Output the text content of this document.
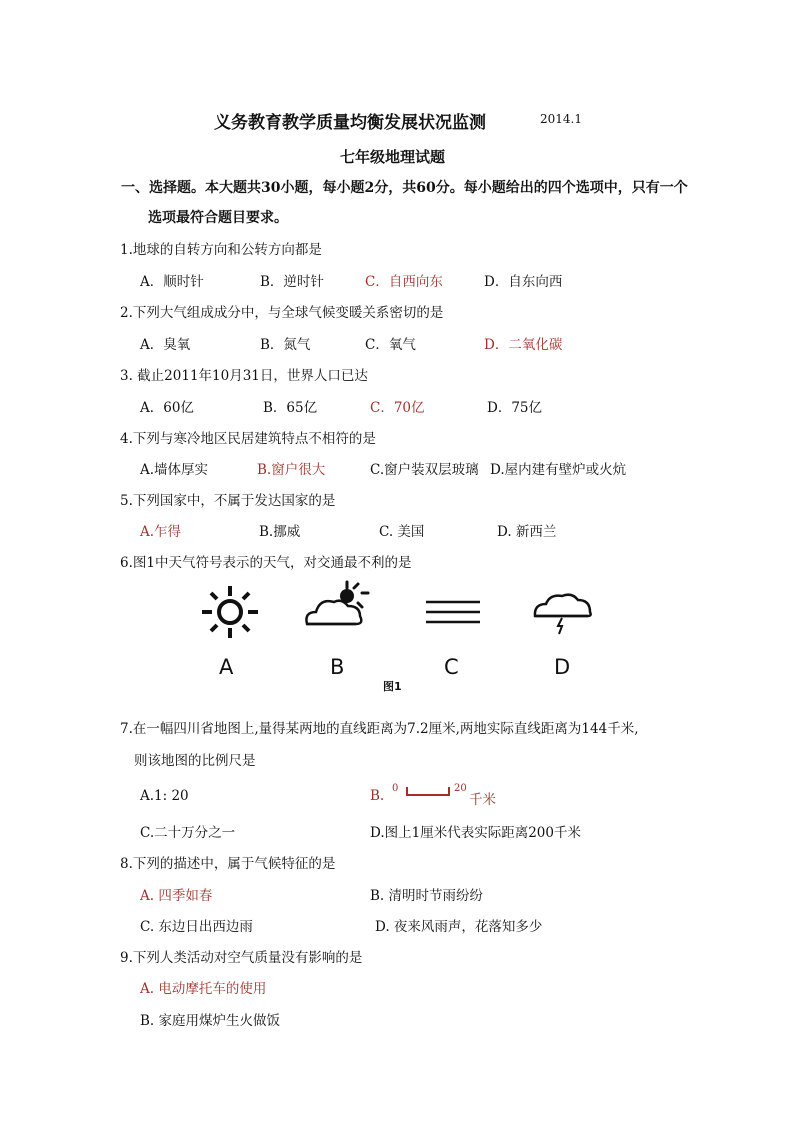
义务教育教学质量均衡发展状况监测	2014.1
七年级地理试题
一、选择题。本大题共30小题，每小题2分，共60分。每小题给出的四个选项中，只有一个
选项最符合题目要求。
1.地球的自转方向和公转方向都是
A．顺时针	B．逆时针	C．自西向东	D．自东向西
2.下列大气组成成分中，与全球气候变暖关系密切的是
A．臭氧	B．氮气	C．氧气	D．二氧化碳
3. 截止2011年10月31日，世界人口已达
A．60亿	B．65亿	C．70亿	D．75亿
4.下列与寒冷地区民居建筑特点不相符的是
A.墙体厚实	B.窗户很大	C.窗户装双层玻璃 D.屋内建有壁炉或火炕
5.下列国家中，不属于发达国家的是
A.乍得	B.挪威	C. 美国	D. 新西兰
6.图1中天气符号表示的天气，对交通最不利的是
A	B	C	D
图1
7.在一幅四川省地图上,量得某两地的直线距离为7.2厘米,两地实际直线距离为144千米,
则该地图的比例尺是
A.1: 20	B. 0	20
千米
C.二十万分之一	D.图上1厘米代表实际距离200千米
8.下列的描述中，属于气候特征的是
A. 四季如春	B. 清明时节雨纷纷
C. 东边日出西边雨	D. 夜来风雨声，花落知多少
9.下列人类活动对空气质量没有影响的是
A. 电动摩托车的使用
B. 家庭用煤炉生火做饭
